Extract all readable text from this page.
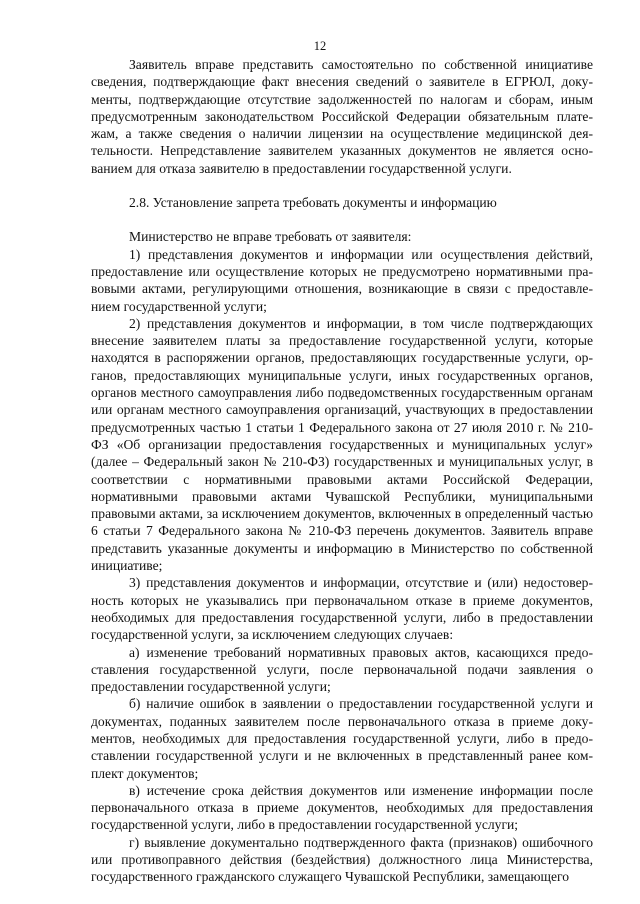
12

Заявитель вправе представить самостоятельно по собственной инициативе сведения, подтверждающие факт внесения сведений о заявителе в ЕГРЮЛ, документы, подтверждающие отсутствие задолженностей по налогам и сборам, иным предусмотренным законодательством Российской Федерации обязательным платежам, а также сведения о наличии лицензии на осуществление медицинской деятельности. Непредставление заявителем указанных документов не является основанием для отказа заявителю в предоставлении государственной услуги.

2.8. Установление запрета требовать документы и информацию

Министерство не вправе требовать от заявителя:

1) представления документов и информации или осуществления действий, предоставление или осуществление которых не предусмотрено нормативными правовыми актами, регулирующими отношения, возникающие в связи с предоставлением государственной услуги;

2) представления документов и информации, в том числе подтверждающих внесение заявителем платы за предоставление государственной услуги, которые находятся в распоряжении органов, предоставляющих государственные услуги, органов, предоставляющих муниципальные услуги, иных государственных органов, органов местного самоуправления либо подведомственных государственным органам или органам местного самоуправления организаций, участвующих в предоставлении предусмотренных частью 1 статьи 1 Федерального закона от 27 июля 2010 г. № 210-ФЗ «Об организации предоставления государственных и муниципальных услуг» (далее – Федеральный закон № 210-ФЗ) государственных и муниципальных услуг, в соответствии с нормативными правовыми актами Российской Федерации, нормативными правовыми актами Чувашской Республики, муниципальными правовыми актами, за исключением документов, включенных в определенный частью 6 статьи 7 Федерального закона № 210-ФЗ перечень документов. Заявитель вправе представить указанные документы и информацию в Министерство по собственной инициативе;

3) представления документов и информации, отсутствие и (или) недостоверность которых не указывались при первоначальном отказе в приеме документов, необходимых для предоставления государственной услуги, либо в предоставлении государственной услуги, за исключением следующих случаев:

а) изменение требований нормативных правовых актов, касающихся предоставления государственной услуги, после первоначальной подачи заявления о предоставлении государственной услуги;

б) наличие ошибок в заявлении о предоставлении государственной услуги и документах, поданных заявителем после первоначального отказа в приеме документов, необходимых для предоставления государственной услуги, либо в предоставлении государственной услуги и не включенных в представленный ранее комплект документов;

в) истечение срока действия документов или изменение информации после первоначального отказа в приеме документов, необходимых для предоставления государственной услуги, либо в предоставлении государственной услуги;

г) выявление документально подтвержденного факта (признаков) ошибочного или противоправного действия (бездействия) должностного лица Министерства, государственного гражданского служащего Чувашской Республики, замещающего
